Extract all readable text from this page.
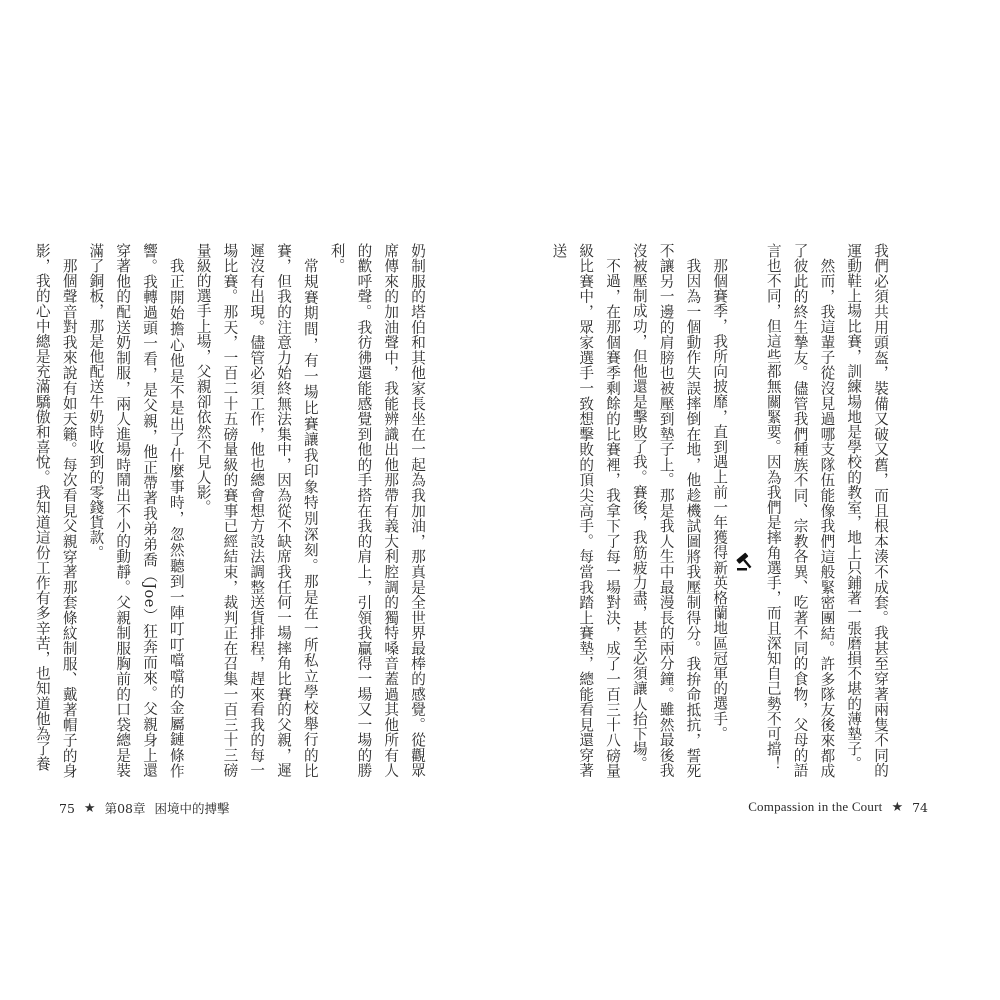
奶制服的塔伯和其他家長坐在一起為我加油，那真是全世界最棒的感覺。從觀眾席傳來的加油聲中，我能辨識出他那帶有義大利腔調的獨特嗓音蓋過其他所有人的歡呼聲。我彷彿還能感覺到他的手搭在我的肩上，引領我贏得一場又一場的勝利。

常規賽期間，有一場比賽讓我印象特別深刻。那是在一所私立學校舉行的比賽，但我的注意力始終無法集中，因為從不缺席我任何一場摔角比賽的父親，遲遲沒有出現。儘管必須工作，他也總會想方設法調整送貨排程，趕來看我的每一場比賽。那天，一百二十五磅量級的賽事已經結束，裁判正在召集一百三十三磅量級的選手上場，父親卻依然不見人影。

我正開始擔心他是不是出了什麼事時，忽然聽到一陣叮叮噹噹的金屬鏈條作響。我轉過頭一看，是父親，他正帶著我弟弟喬（Joe）狂奔而來。父親身上還穿著他的配送奶制服，兩人進場時鬧出不小的動靜。父親制服胸前的口袋總是裝滿了銅板，那是他配送牛奶時收到的零錢貨款。

那個聲音對我來說有如天籟。每次看見父親穿著那套條紋制服、戴著帽子的身影，我的心中總是充滿驕傲和喜悅。我知道這份工作有多辛苦，也知道他為了養

75 ★ 第08章 困境中的搏擊

我們必須共用頭盔，裝備又破又舊，而且根本湊不成套。我甚至穿著兩隻不同的運動鞋上場比賽，訓練場地是學校的教室，地上只鋪著一張磨損不堪的薄墊子。

然而，我這輩子從沒見過哪支隊伍能像我們這般緊密團結。許多隊友後來都成了彼此的終生摯友。儘管我們種族不同、宗教各異、吃著不同的食物，父母的語言也不同，但這些都無關緊要。因為我們是摔角選手，而且深知自己勢不可擋！

那個賽季，我所向披靡，直到遇上前一年獲得新英格蘭地區冠軍的選手。

我因為一個動作失誤摔倒在地，他趁機試圖將我壓制得分。我拚命抵抗，誓死不讓另一邊的肩膀也被壓到墊子上。那是我人生中最漫長的兩分鐘。雖然最後我沒被壓制成功，但他還是擊敗了我。賽後，我筋疲力盡，甚至必須讓人抬下場。

不過，在那個賽季剩餘的比賽裡，我拿下了每一場對決，成了一百三十八磅量級比賽中，眾家選手一致想擊敗的頂尖高手。每當我踏上賽墊，總能看見還穿著送

Compassion in the Court ★ 74
